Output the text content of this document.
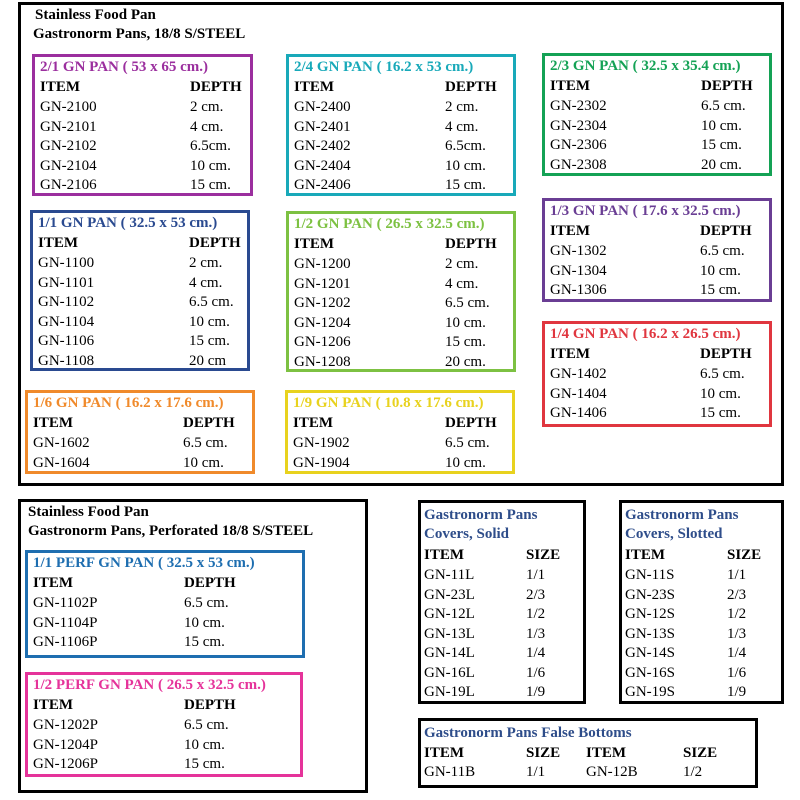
Stainless Food Pan
Gastronorm Pans, 18/8 S/STEEL
Stainless Food Pan
Gastronorm Pans, Perforated 18/8 S/STEEL
2/1 GN PAN ( 53 x 65 cm.)
ITEM	DEPTH
GN-2100	2 cm.
GN-2101	4 cm.
GN-2102	6.5cm.
GN-2104	10 cm.
GN-2106	15 cm.
2/4 GN PAN ( 16.2 x 53 cm.)
ITEM	DEPTH
GN-2400	2 cm.
GN-2401	4 cm.
GN-2402	6.5cm.
GN-2404	10 cm.
GN-2406	15 cm.
2/3 GN PAN ( 32.5 x 35.4 cm.)
ITEM	DEPTH
GN-2302	6.5 cm.
GN-2304	10 cm.
GN-2306	15 cm.
GN-2308	20 cm.
1/1 GN PAN ( 32.5 x 53 cm.)
ITEM	DEPTH
GN-1100	2 cm.
GN-1101	4 cm.
GN-1102	6.5 cm.
GN-1104	10 cm.
GN-1106	15 cm.
GN-1108	20 cm
1/2 GN PAN ( 26.5 x 32.5 cm.)
ITEM	DEPTH
GN-1200	2 cm.
GN-1201	4 cm.
GN-1202	6.5 cm.
GN-1204	10 cm.
GN-1206	15 cm.
GN-1208	20 cm.
1/3 GN PAN ( 17.6 x 32.5 cm.)
ITEM	DEPTH
GN-1302	6.5 cm.
GN-1304	10 cm.
GN-1306	15 cm.
1/4 GN PAN ( 16.2 x 26.5 cm.)
ITEM	DEPTH
GN-1402	6.5 cm.
GN-1404	10 cm.
GN-1406	15 cm.
1/6 GN PAN ( 16.2 x 17.6 cm.)
ITEM	DEPTH
GN-1602	6.5 cm.
GN-1604	10 cm.
1/9 GN PAN ( 10.8 x 17.6 cm.)
ITEM	DEPTH
GN-1902	6.5 cm.
GN-1904	10 cm.
1/1 PERF GN PAN ( 32.5 x 53 cm.)
ITEM	DEPTH
GN-1102P	6.5 cm.
GN-1104P	10 cm.
GN-1106P	15 cm.
1/2 PERF GN PAN ( 26.5 x 32.5 cm.)
ITEM	DEPTH
GN-1202P	6.5 cm.
GN-1204P	10 cm.
GN-1206P	15 cm.
Gastronorm Pans
Covers, Solid
ITEM	SIZE
GN-11L	1/1
GN-23L	2/3
GN-12L	1/2
GN-13L	1/3
GN-14L	1/4
GN-16L	1/6
GN-19L	1/9
Gastronorm Pans
Covers, Slotted
ITEM	SIZE
GN-11S	1/1
GN-23S	2/3
GN-12S	1/2
GN-13S	1/3
GN-14S	1/4
GN-16S	1/6
GN-19S	1/9
Gastronorm Pans False Bottoms
ITEM	SIZE ITEM	SIZE
GN-11B	1/1	GN-12B	1/2
